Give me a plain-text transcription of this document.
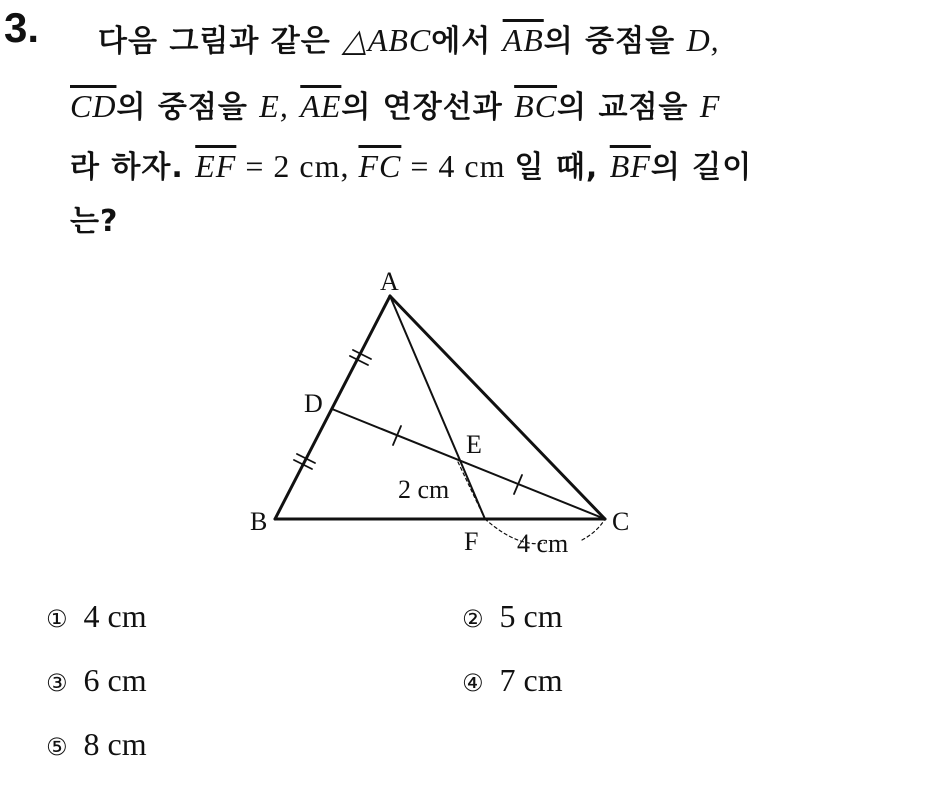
3. 다음 그림과 같은 △ABC에서 $\overline{AB}$의 중점을 D,
$\overline{CD}$의 중점을 E, $\overline{AE}$의 연장선과 $\overline{BC}$의 교점을 F
라 하자. $\overline{EF} = 2$ cm, $\overline{FC} = 4$ cm 일 때, $\overline{BF}$의 길이
는?
A
B	C
D
E
F
2 cm
4 cm
① 4 cm	② 5 cm
③ 6 cm	④ 7 cm
⑤ 8 cm
